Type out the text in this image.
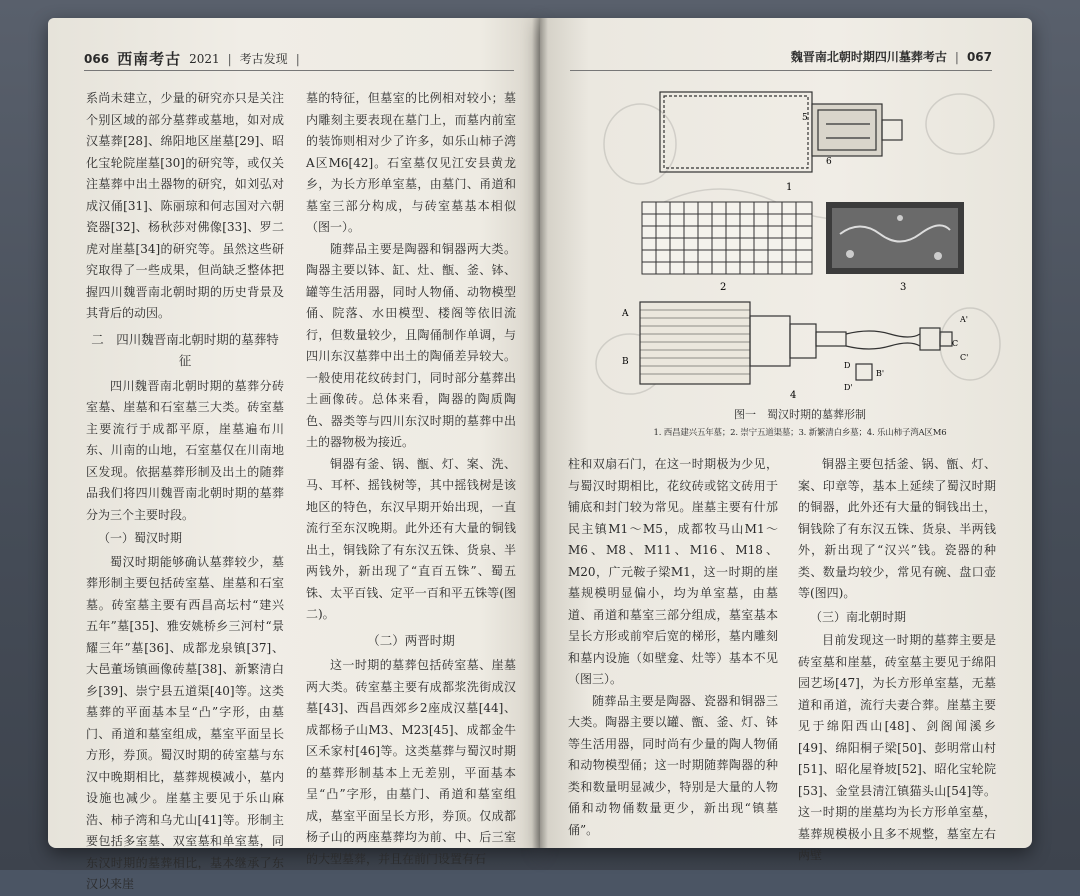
066 西南考古 2021 | 考古发现 |

系尚未建立，少量的研究亦只是关注个别区域的部分墓葬或墓地，如对成汉墓葬[28]、绵阳地区崖墓[29]、昭化宝轮院崖墓[30]的研究等，或仅关注墓葬中出土器物的研究，如刘弘对成汉俑[31]、陈丽琼和何志国对六朝瓷器[32]、杨秋莎对佛像[33]、罗二虎对崖墓[34]的研究等。虽然这些研究取得了一些成果，但尚缺乏整体把握四川魏晋南北朝时期的历史背景及其背后的动因。

二　四川魏晋南北朝时期的墓葬特征

四川魏晋南北朝时期的墓葬分砖室墓、崖墓和石室墓三大类。砖室墓主要流行于成都平原，崖墓遍布川东、川南的山地，石室墓仅在川南地区发现。依据墓葬形制及出土的随葬品我们将四川魏晋南北朝时期的墓葬分为三个主要时段。

（一）蜀汉时期

蜀汉时期能够确认墓葬较少，墓葬形制主要包括砖室墓、崖墓和石室墓。砖室墓主要有西昌高坛村“建兴五年”墓[35]、雅安姚桥乡三河村“景耀三年”墓[36]、成都龙泉镇[37]、大邑董场镇画像砖墓[38]、新繁清白乡[39]、崇宁县五道渠[40]等。这类墓葬的平面基本呈“凸”字形，由墓门、甬道和墓室组成，墓室平面呈长方形，券顶。蜀汉时期的砖室墓与东汉中晚期相比，墓葬规模减小，墓内设施也减少。崖墓主要见于乐山麻浩、柿子湾和乌尤山[41]等。形制主要包括多室墓、双室墓和单室墓，同东汉时期的墓葬相比，基本继承了东汉以来崖

墓的特征，但墓室的比例相对较小；墓内雕刻主要表现在墓门上，而墓内前室的装饰则相对少了许多，如乐山柿子湾A区M6[42]。石室墓仅见江安县黄龙乡，为长方形单室墓，由墓门、甬道和墓室三部分构成，与砖室墓基本相似（图一）。

随葬品主要是陶器和铜器两大类。陶器主要以钵、缸、灶、甑、釜、钵、罐等生活用器，同时人物俑、动物模型俑、院落、水田模型、楼阁等依旧流行，但数量较少，且陶俑制作单调，与四川东汉墓葬中出土的陶俑差异较大。一般使用花纹砖封门，同时部分墓葬出土画像砖。总体来看，陶器的陶质陶色、器类等与四川东汉时期的墓葬中出土的器物极为接近。

铜器有釜、锅、甑、灯、案、洗、马、耳杯、摇钱树等，其中摇钱树是该地区的特色，东汉早期开始出现，一直流行至东汉晚期。此外还有大量的铜钱出土，铜钱除了有东汉五铢、货泉、半两钱外，新出现了“直百五铢”、蜀五铢、太平百钱、定平一百和平五铢等(图二)。

（二）两晋时期

这一时期的墓葬包括砖室墓、崖墓两大类。砖室墓主要有成都浆洗街成汉墓[43]、西昌西郊乡2座成汉墓[44]、成都杨子山M3、M23[45]、成都金牛区禾家村[46]等。这类墓葬与蜀汉时期的墓葬形制基本上无差别，平面基本呈“凸”字形，由墓门、甬道和墓室组成，墓室平面呈长方形，券顶。仅成都杨子山的两座墓葬均为前、中、后三室的大型墓葬，并且在前门设置有石

魏晋南北朝时期四川墓葬考古 | 067
5
6
1
2	3
A
A'
B
B'
C
C'
D
D'
4
图一　蜀汉时期的墓葬形制
1. 西昌建兴五年墓；2. 崇宁五道渠墓；3. 新繁清白乡墓；4. 乐山柿子湾A区M6

柱和双扇石门，在这一时期极为少见，与蜀汉时期相比，花纹砖或铭文砖用于铺底和封门较为常见。崖墓主要有什邡民主镇M1～M5，成都牧马山M1～M6、M8、M11、M16、M18、M20，广元鞍子梁M1，这一时期的崖墓规模明显偏小，均为单室墓，由墓道、甬道和墓室三部分组成，墓室基本呈长方形或前窄后宽的梯形，墓内雕刻和墓内设施（如壁龛、灶等）基本不见（图三）。

随葬品主要是陶器、瓷器和铜器三大类。陶器主要以罐、甑、釜、灯、钵等生活用器，同时尚有少量的陶人物俑和动物模型俑；这一时期随葬陶器的种类和数量明显减少，特别是大量的人物俑和动物俑数量更少，新出现“镇墓俑”。

铜器主要包括釜、锅、甑、灯、案、印章等，基本上延续了蜀汉时期的铜器，此外还有大量的铜钱出土，铜钱除了有东汉五铢、货泉、半两钱外，新出现了“汉兴”钱。瓷器的种类、数量均较少，常见有碗、盘口壶等(图四)。

（三）南北朝时期

目前发现这一时期的墓葬主要是砖室墓和崖墓，砖室墓主要见于绵阳园艺场[47]，为长方形单室墓，无墓道和甬道，流行夫妻合葬。崖墓主要见于绵阳西山[48]、剑阁闻溪乡[49]、绵阳桐子梁[50]、彭明常山村[51]、昭化屋脊坡[52]、昭化宝轮院[53]、金堂县清江镇猫头山[54]等。这一时期的崖墓均为长方形单室墓，墓葬规模极小且多不规整，墓室左右两壁
